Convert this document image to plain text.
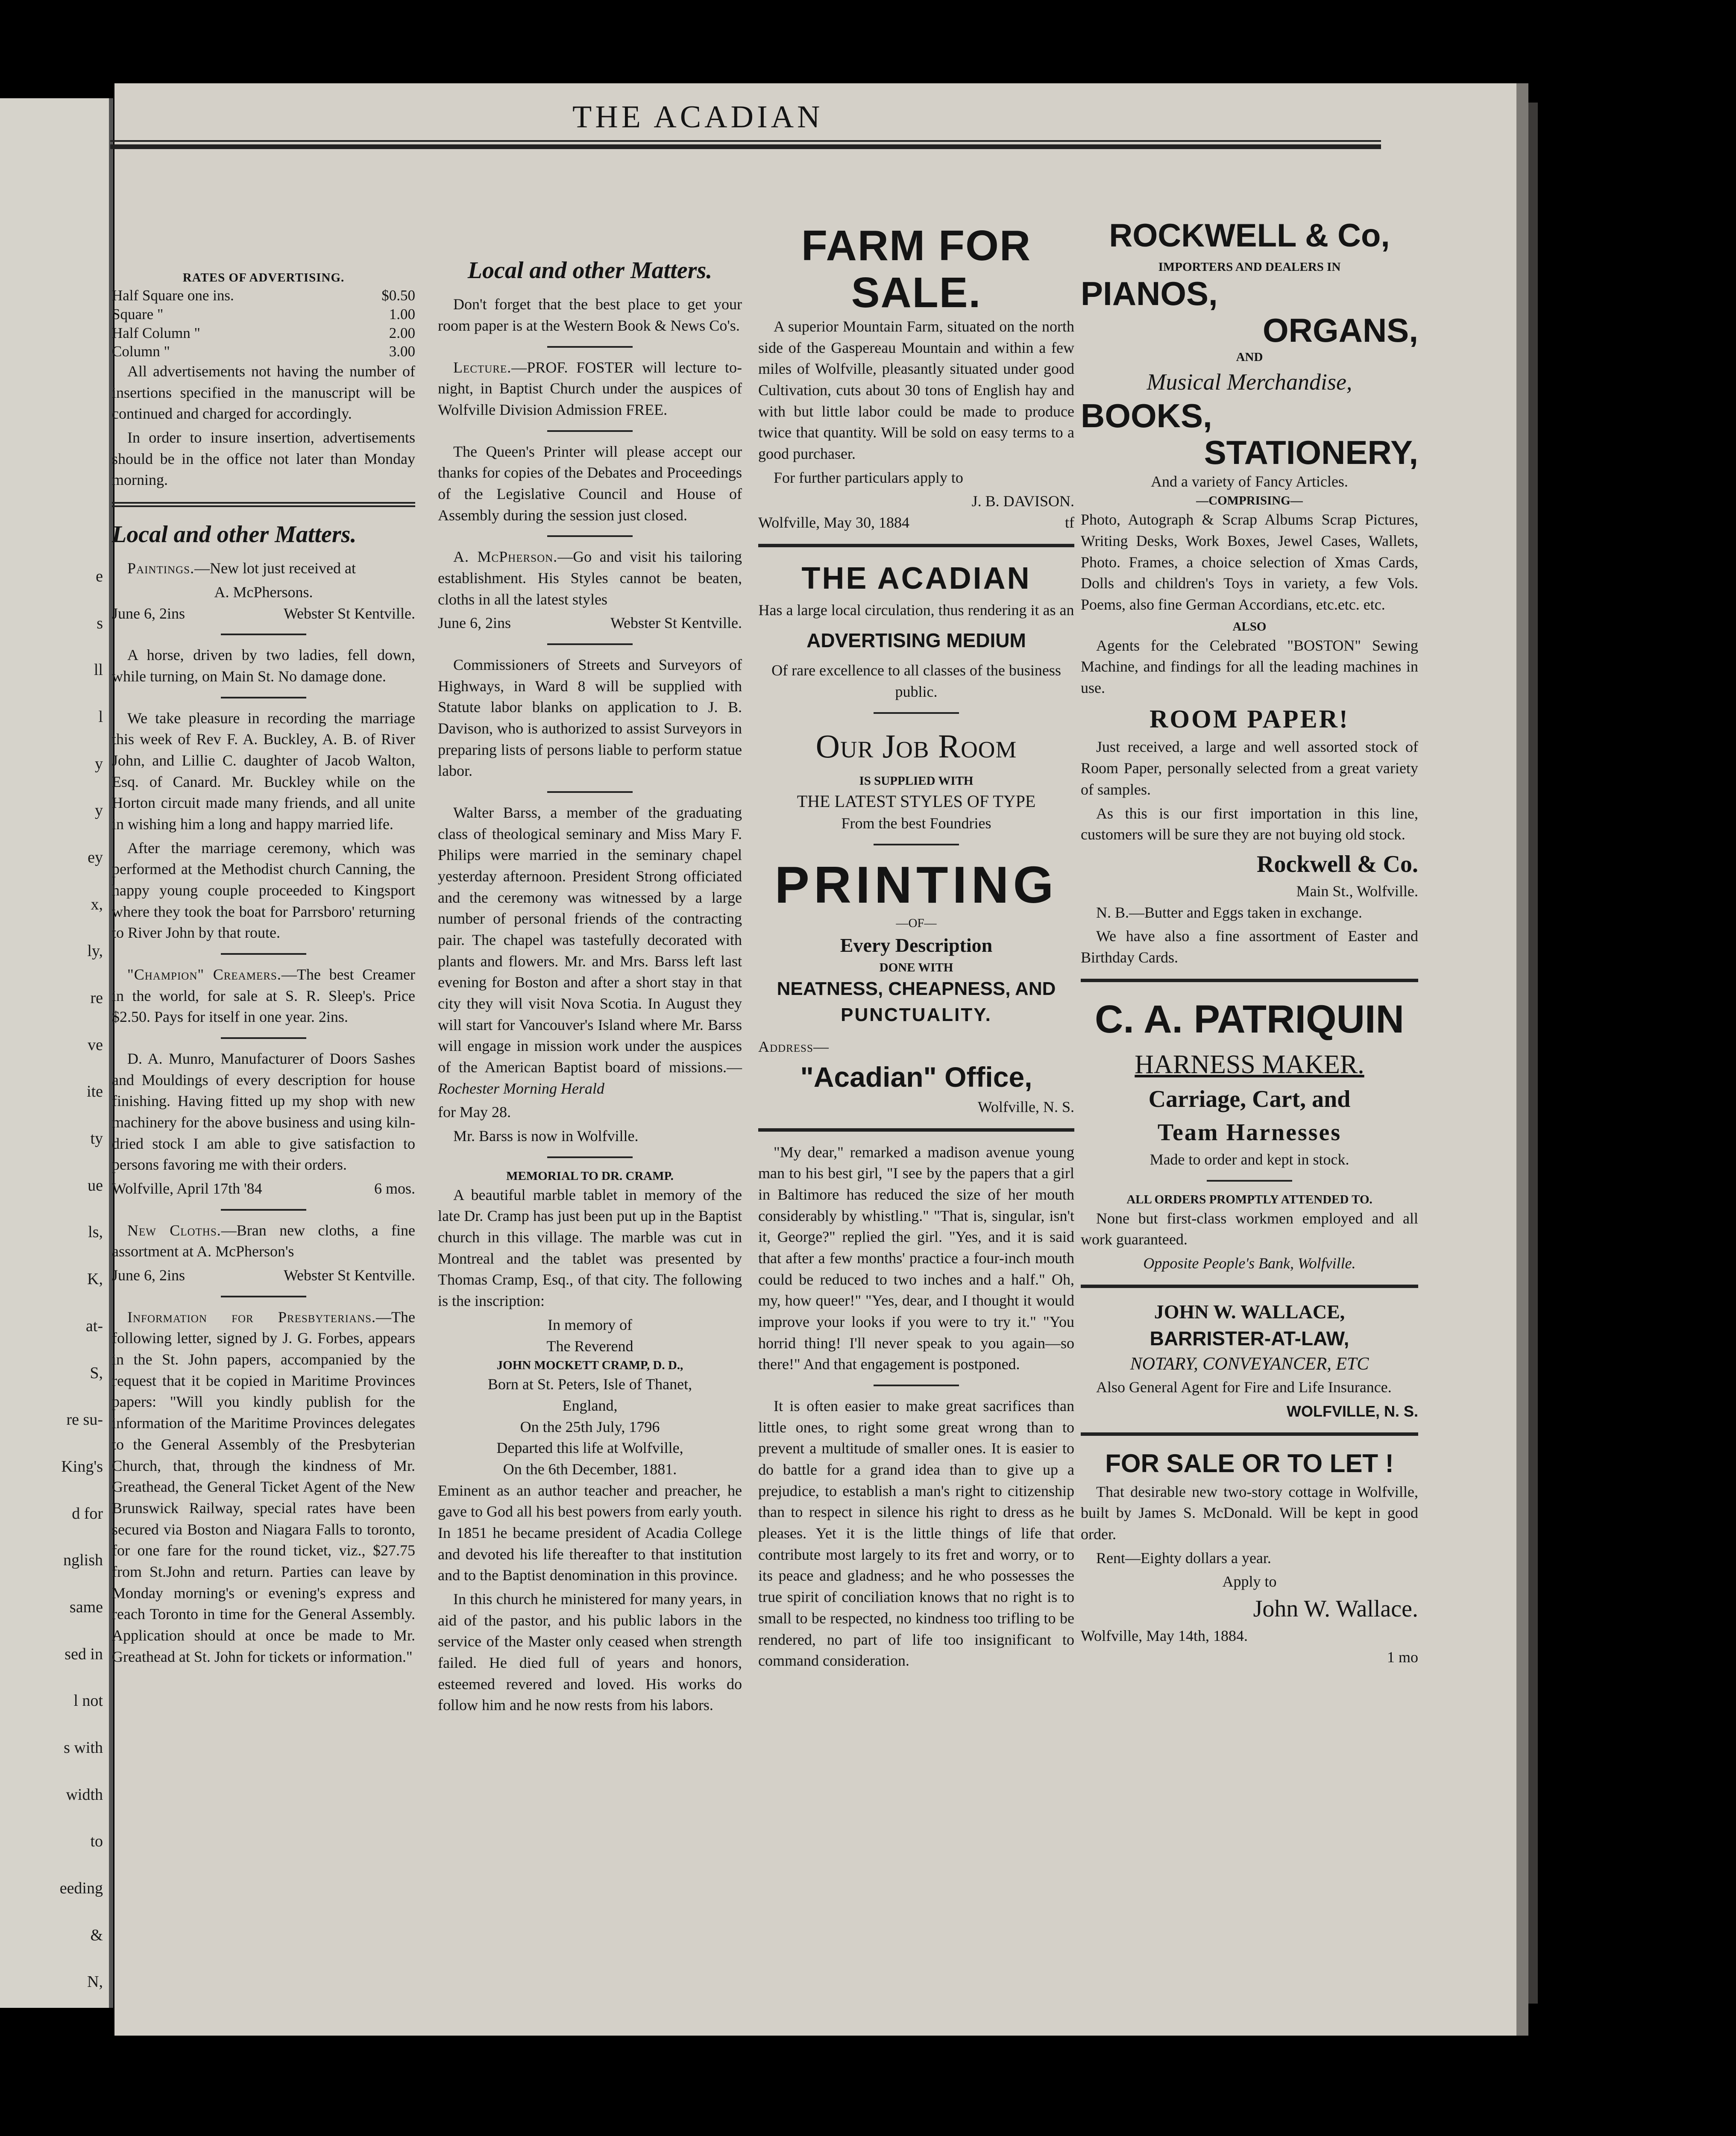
e
s
ll
l
y
y
ey
x,
ly,
re
ve
ite
ty
ue
ls,
K,
at-
S,
re su-
King's
d for
nglish
same
sed in
l not
s with
width
to
eeding
&
N,
THE ACADIAN
RATES OF ADVERTISING.
Half Square one ins.	$0.50
Square "	1.00
Half Column "	2.00
Column "	3.00

All advertisements not having the number of insertions specified in the manuscript will be continued and charged for accordingly.

In order to insure insertion, advertisements should be in the office not later than Monday morning.

Local and other Matters.

Paintings.—New lot just received at

A. McPhersons.
June 6, 2ins	Webster St Kentville.

A horse, driven by two ladies, fell down, while turning, on Main St. No damage done.

We take pleasure in recording the marriage this week of Rev F. A. Buckley, A. B. of River John, and Lillie C. daughter of Jacob Walton, Esq. of Canard. Mr. Buckley while on the Horton circuit made many friends, and all unite in wishing him a long and happy married life.

After the marriage ceremony, which was performed at the Methodist church Canning, the happy young couple proceeded to Kingsport where they took the boat for Parrsboro' returning to River John by that route.

"Champion" Creamers.—The best Creamer in the world, for sale at S. R. Sleep's. Price $2.50. Pays for itself in one year. 2ins.

D. A. Munro, Manufacturer of Doors Sashes and Mouldings of every description for house finishing. Having fitted up my shop with new machinery for the above business and using kiln-dried stock I am able to give satisfaction to persons favoring me with their orders.

Wolfville, April 17th '84	6 mos.

New Cloths.—Bran new cloths, a fine assortment at A. McPherson's

June 6, 2ins	Webster St Kentville.

Information for Presbyterians.—The following letter, signed by J. G. Forbes, appears in the St. John papers, accompanied by the request that it be copied in Maritime Provinces papers: "Will you kindly publish for the information of the Maritime Provinces delegates to the General Assembly of the Presbyterian Church, that, through the kindness of Mr. Greathead, the General Ticket Agent of the New Brunswick Railway, special rates have been secured via Boston and Niagara Falls to toronto, for one fare for the round ticket, viz., $27.75 from St.John and return. Parties can leave by Monday morning's or evening's express and reach Toronto in time for the General Assembly. Application should at once be made to Mr. Greathead at St. John for tickets or information."

Local and other Matters.

Don't forget that the best place to get your room paper is at the Western Book & News Co's.

Lecture.—PROF. FOSTER will lecture to-night, in Baptist Church under the auspices of Wolfville Division Admission FREE.

The Queen's Printer will please accept our thanks for copies of the Debates and Proceedings of the Legislative Council and House of Assembly during the session just closed.

A. McPherson.—Go and visit his tailoring establishment. His Styles cannot be beaten, cloths in all the latest styles

June 6, 2ins	Webster St Kentville.

Commissioners of Streets and Surveyors of Highways, in Ward 8 will be supplied with Statute labor blanks on application to J. B. Davison, who is authorized to assist Surveyors in preparing lists of persons liable to perform statue labor.

Walter Barss, a member of the graduating class of theological seminary and Miss Mary F. Philips were married in the seminary chapel yesterday afternoon. President Strong officiated and the ceremony was witnessed by a large number of personal friends of the contracting pair. The chapel was tastefully decorated with plants and flowers. Mr. and Mrs. Barss left last evening for Boston and after a short stay in that city they will visit Nova Scotia. In August they will start for Vancouver's Island where Mr. Barss will engage in mission work under the auspices of the American Baptist board of missions.—Rochester Morning Herald

for May 28.

Mr. Barss is now in Wolfville.

MEMORIAL TO DR. CRAMP.

A beautiful marble tablet in memory of the late Dr. Cramp has just been put up in the Baptist church in this village. The marble was cut in Montreal and the tablet was presented by Thomas Cramp, Esq., of that city. The following is the inscription:

In memory of
The Reverend
JOHN MOCKETT CRAMP, D. D.,
Born at St. Peters, Isle of Thanet,
England,
On the 25th July, 1796
Departed this life at Wolfville,
On the 6th December, 1881.

Eminent as an author teacher and preacher, he gave to God all his best powers from early youth. In 1851 he became president of Acadia College and devoted his life thereafter to that institution and to the Baptist denomination in this province.

In this church he ministered for many years, in aid of the pastor, and his public labors in the service of the Master only ceased when strength failed. He died full of years and honors, esteemed revered and loved. His works do follow him and he now rests from his labors.

FARM FOR SALE.

A superior Mountain Farm, situated on the north side of the Gaspereau Mountain and within a few miles of Wolfville, pleasantly situated under good Cultivation, cuts about 30 tons of English hay and with but little labor could be made to produce twice that quantity. Will be sold on easy terms to a good purchaser.

For further particulars apply to

J. B. DAVISON.
Wolfville, May 30, 1884	tf
THE ACADIAN
Has a large local circulation, thus rendering it as an
ADVERTISING MEDIUM
Of rare excellence to all classes of the business public.
Our Job Room
IS SUPPLIED WITH
THE LATEST STYLES OF TYPE
From the best Foundries
PRINTING
—OF—
Every Description
DONE WITH
NEATNESS, CHEAPNESS, AND
PUNCTUALITY.
Address—
"Acadian" Office,
Wolfville, N. S.

"My dear," remarked a madison avenue young man to his best girl, "I see by the papers that a girl in Baltimore has reduced the size of her mouth considerably by whistling." "That is, singular, isn't it, George?" replied the girl. "Yes, and it is said that after a few months' practice a four-inch mouth could be reduced to two inches and a half." Oh, my, how queer!" "Yes, dear, and I thought it would improve your looks if you were to try it." "You horrid thing! I'll never speak to you again—so there!" And that engagement is postponed.

It is often easier to make great sacrifices than little ones, to right some great wrong than to prevent a multitude of smaller ones. It is easier to do battle for a grand idea than to give up a prejudice, to establish a man's right to citizenship than to respect in silence his right to dress as he pleases. Yet it is the little things of life that contribute most largely to its fret and worry, or to its peace and gladness; and he who possesses the true spirit of conciliation knows that no right is to small to be respected, no kindness too trifling to be rendered, no part of life too insignificant to command consideration.

ROCKWELL & Co,
IMPORTERS AND DEALERS IN
PIANOS,
ORGANS,
AND
Musical Merchandise,
BOOKS,
STATIONERY,
And a variety of Fancy Articles.
—COMPRISING—

Photo, Autograph & Scrap Albums Scrap Pictures, Writing Desks, Work Boxes, Jewel Cases, Wallets, Photo. Frames, a choice selection of Xmas Cards, Dolls and children's Toys in variety, a few Vols. Poems, also fine German Accordians, etc.etc. etc.

ALSO

Agents for the Celebrated "BOSTON" Sewing Machine, and findings for all the leading machines in use.

ROOM PAPER!

Just received, a large and well assorted stock of Room Paper, personally selected from a great variety of samples.

As this is our first importation in this line, customers will be sure they are not buying old stock.

Rockwell & Co.
Main St., Wolfville.

N. B.—Butter and Eggs taken in exchange.

We have also a fine assortment of Easter and Birthday Cards.

C. A. PATRIQUIN
HARNESS MAKER.
Carriage, Cart, and
Team Harnesses
Made to order and kept in stock.
ALL ORDERS PROMPTLY ATTENDED TO.

None but first-class workmen employed and all work guaranteed.

Opposite People's Bank, Wolfville.
JOHN W. WALLACE,
BARRISTER-AT-LAW,
NOTARY, CONVEYANCER, ETC

Also General Agent for Fire and Life Insurance.

WOLFVILLE, N. S.
FOR SALE OR TO LET !

That desirable new two-story cottage in Wolfville, built by James S. McDonald. Will be kept in good order.

Rent—Eighty dollars a year.

Apply to
John W. Wallace.
Wolfville, May 14th, 1884.
1 mo
